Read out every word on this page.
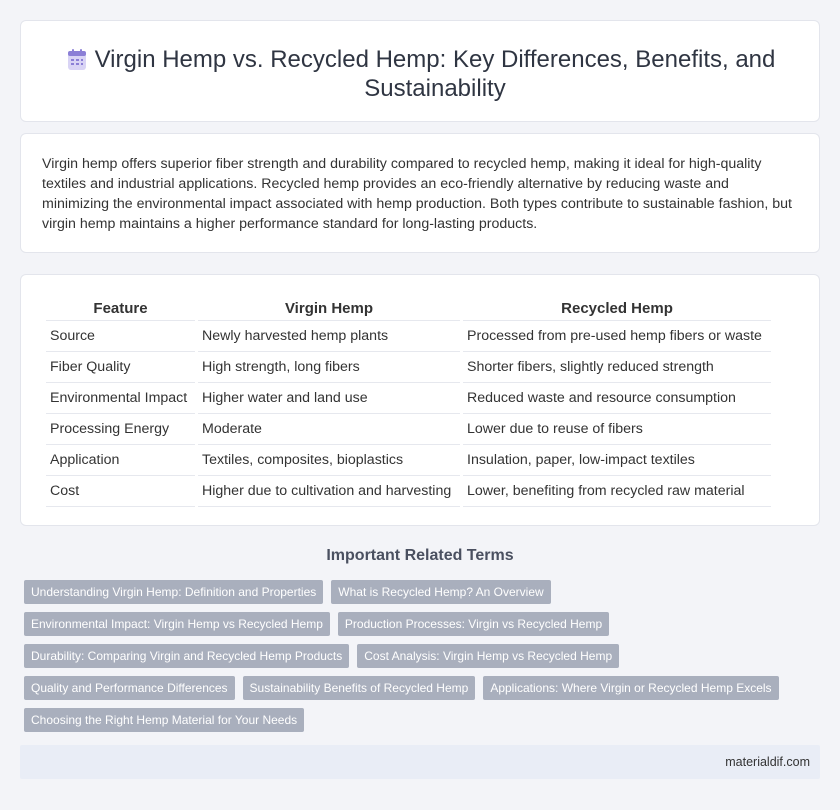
Virgin Hemp vs. Recycled Hemp: Key Differences, Benefits, and Sustainability

Virgin hemp offers superior fiber strength and durability compared to recycled hemp, making it ideal for high-quality textiles and industrial applications. Recycled hemp provides an eco-friendly alternative by reducing waste and minimizing the environmental impact associated with hemp production. Both types contribute to sustainable fashion, but virgin hemp maintains a higher performance standard for long-lasting products.

Feature	Virgin Hemp	Recycled Hemp
Source	Newly harvested hemp plants	Processed from pre-used hemp fibers or waste
Fiber Quality	High strength, long fibers	Shorter fibers, slightly reduced strength
Environmental Impact	Higher water and land use	Reduced waste and resource consumption
Processing Energy	Moderate	Lower due to reuse of fibers
Application	Textiles, composites, bioplastics	Insulation, paper, low-impact textiles
Cost	Higher due to cultivation and harvesting	Lower, benefiting from recycled raw material
Important Related Terms
Understanding Virgin Hemp: Definition and Properties	What is Recycled Hemp? An Overview
Environmental Impact: Virgin Hemp vs Recycled Hemp	Production Processes: Virgin vs Recycled Hemp
Durability: Comparing Virgin and Recycled Hemp Products	Cost Analysis: Virgin Hemp vs Recycled Hemp
Quality and Performance Differences	Sustainability Benefits of Recycled Hemp	Applications: Where Virgin or Recycled Hemp Excels
Choosing the Right Hemp Material for Your Needs
materialdif.com
